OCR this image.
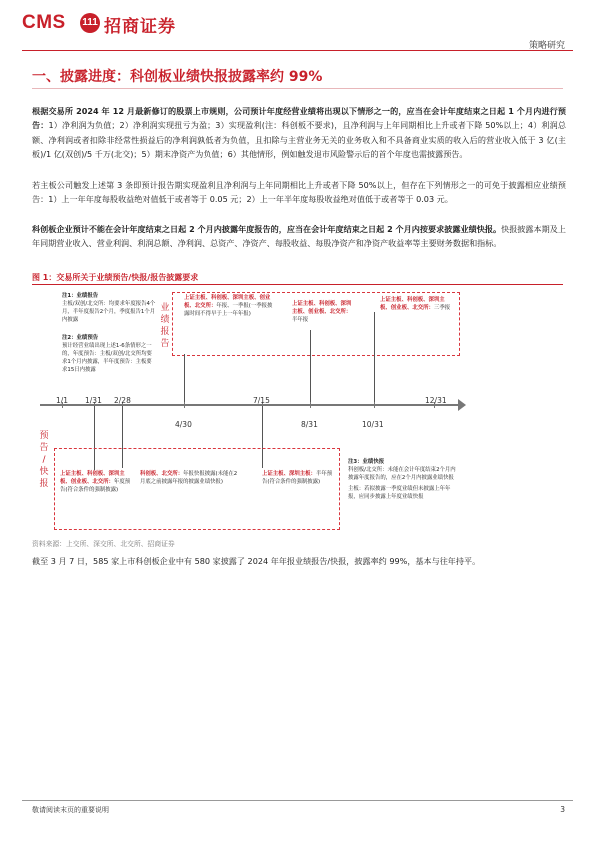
CMS 111 招商证券
策略研究
一、披露进度：科创板业绩快报披露率约 99%
根据交易所 2024 年 12 月最新修订的股票上市规则，公司预计年度经营业绩将出现以下情形之一的，应当在会计年度结束之日起 1 个月内进行预告：1）净利润为负值；2）净利润实现扭亏为盈；3）实现盈利(注：科创板不要求)，且净利润与上年同期相比上升或者下降 50%以上；4）利润总额、净利润或者扣除非经常性损益后的净利润孰低者为负值，且扣除与主营业务无关的业务收入和不具备商业实质的收入后的营业收入低于 3 亿(主板)/1 亿(双创)/5 千万(北交)；5）期末净资产为负值；6）其他情形，例如触发退市风险警示后的首个年度也需披露预告。
若主板公司触发上述第 3 条即预计报告期实现盈利且净利润与上年同期相比上升或者下降 50%以上，但存在下列情形之一的可免于披露相应业绩预告：1）上一年年度每股收益绝对值低于或者等于 0.05 元；2）上一年半年度每股收益绝对值低于或者等于 0.03 元。
科创板企业预计不能在会计年度结束之日起 2 个月内披露年度报告的，应当在会计年度结束之日起 2 个月内按要求披露业绩快报。快报披露本期及上年同期营业收入、营业利润、利润总额、净利润、总资产、净资产、每股收益、每股净资产和净资产收益率等主要财务数据和指标。
图 1：交易所关于业绩预告/快报/报告披露要求
注1：业绩报告
主板/双创/北交所：均要求年度报告4个月，半年度报告2个月，季度报告1个月内披露
注2：业绩预告
预计经营业绩出现上述1-6条情形之一的，年度预告：主板/双创/北交所均要求1个月内披露，半年度预告：主板要求15日内披露
业
绩
报
告
上证主板、科创板、深圳主板、创业板、北交所：年报、一季报(一季报披露时间不得早于上一年年报)
上证主板、科创板、深圳主板、创业板、北交所：半年报
上证主板、科创板、深圳主板、创业板、北交所：三季报
1/1 1/31 2/28
4/30
7/15
8/31	10/31
12/31
预
告
/
快
报
上证主板、科创板、深圳主板、创业板、北交所：年度预告(符合条件的强制披露)
科创板、北交所：年报快报披露(未能在2月底之前披露年报的披露业绩快报)
上证主板、深圳主板：半年预告(符合条件的强制披露)
注3：业绩快报
科创板/北交所：未能在会计年度结束2个月内披露年度报告的，应在2个月内披露业绩快报
主板：若拟披露一季度业绩但未披露上年年报，应同步披露上年度业绩快报
资料来源：上交所、深交所、北交所、招商证券
截至 3 月 7 日，585 家上市科创板企业中有 580 家披露了 2024 年年报业绩报告/快报，披露率约 99%，基本与往年持平。
敬请阅读末页的重要说明	3
